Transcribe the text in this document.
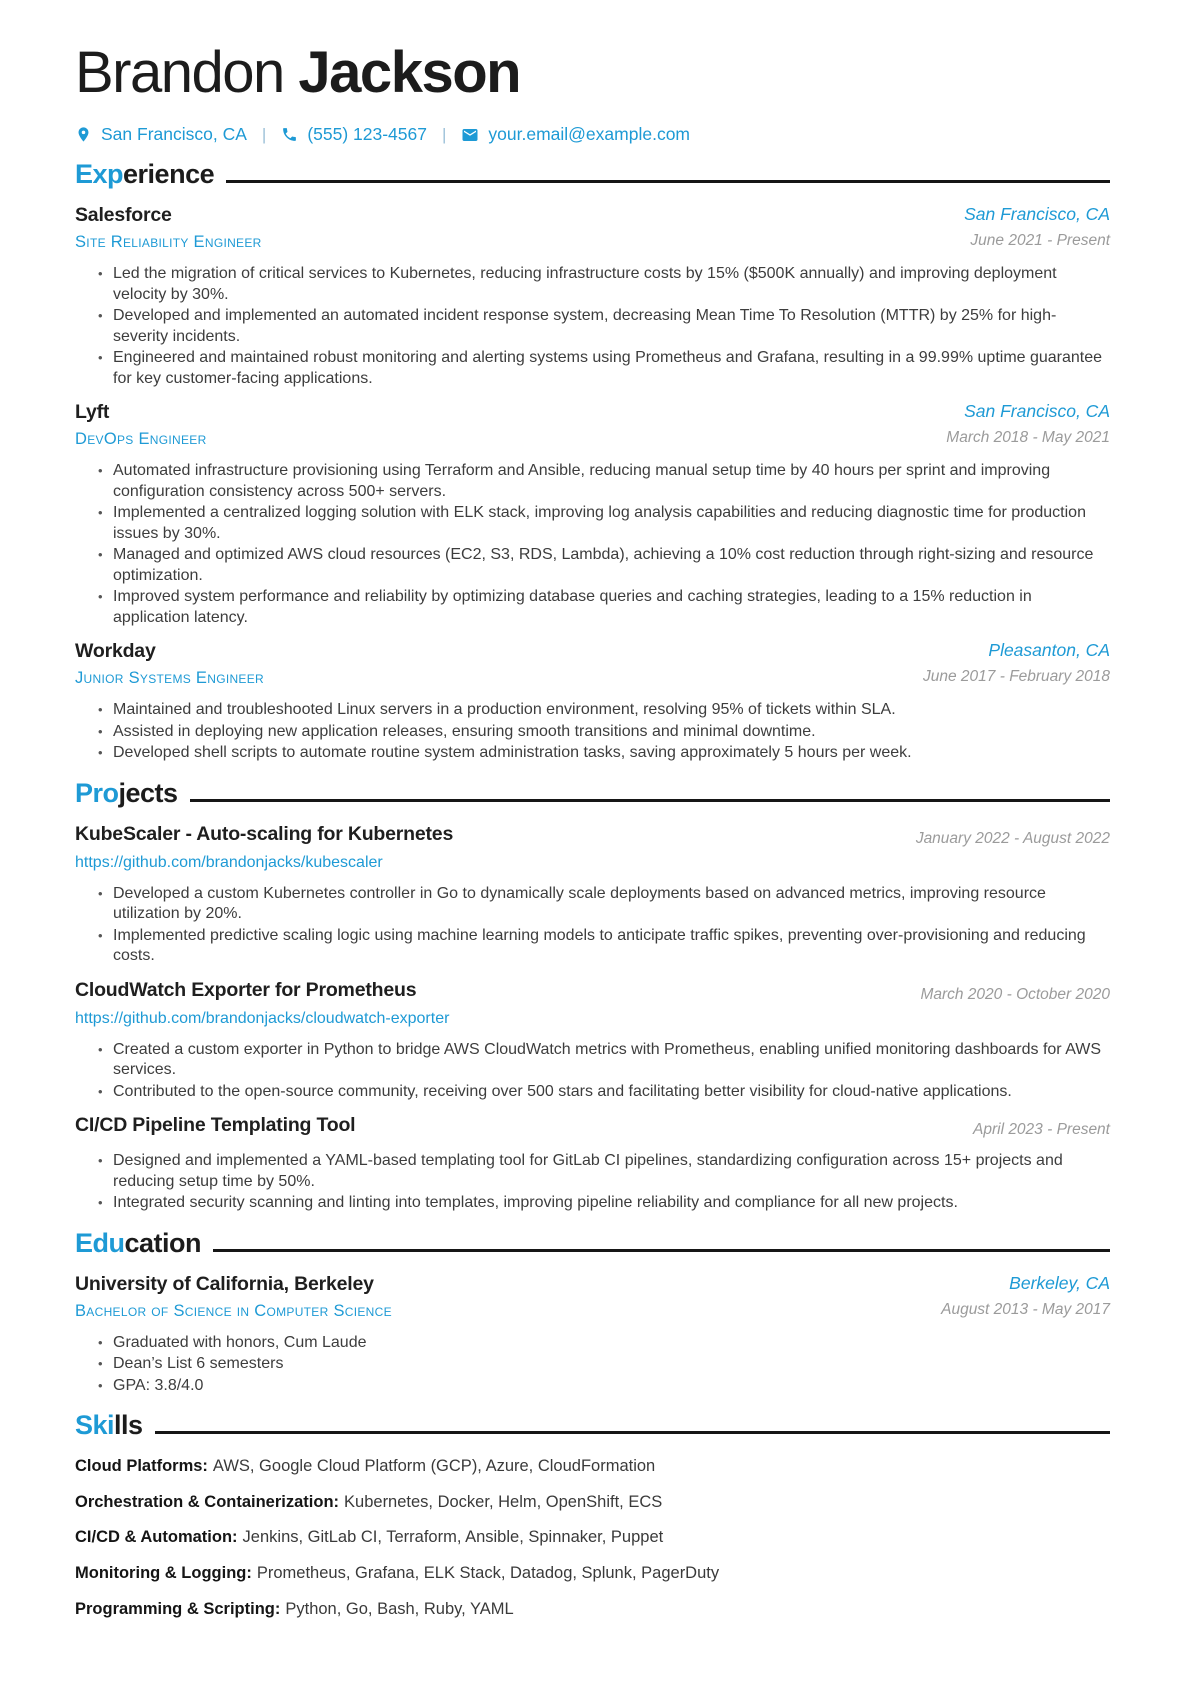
Brandon Jackson
San Francisco, CA | (555) 123-4567 | your.email@example.com
Exp erience
Salesforce
Site Reliability Engineer
San Francisco, CA
June 2021 - Present
• Led the migration of critical services to Kubernetes, reducing infrastructure costs by 15% ($500K annually) and improving deployment velocity by 30%.
• Developed and implemented an automated incident response system, decreasing Mean Time To Resolution (MTTR) by 25% for high-severity incidents.
• Engineered and maintained robust monitoring and alerting systems using Prometheus and Grafana, resulting in a 99.99% uptime guarantee for key customer-facing applications.
Lyft
DevOps Engineer
San Francisco, CA
March 2018 - May 2021
• Automated infrastructure provisioning using Terraform and Ansible, reducing manual setup time by 40 hours per sprint and improving configuration consistency across 500+ servers.
• Implemented a centralized logging solution with ELK stack, improving log analysis capabilities and reducing diagnostic time for production issues by 30%.
• Managed and optimized AWS cloud resources (EC2, S3, RDS, Lambda), achieving a 10% cost reduction through right-sizing and resource optimization.
• Improved system performance and reliability by optimizing database queries and caching strategies, leading to a 15% reduction in application latency.
Workday
Junior Systems Engineer
Pleasanton, CA
June 2017 - February 2018
• Maintained and troubleshooted Linux servers in a production environment, resolving 95% of tickets within SLA.
• Assisted in deploying new application releases, ensuring smooth transitions and minimal downtime.
• Developed shell scripts to automate routine system administration tasks, saving approximately 5 hours per week.
Pro jects
KubeScaler - Auto-scaling for Kubernetes
https://github.com/brandonjacks/kubescaler
January 2022 - August 2022
• Developed a custom Kubernetes controller in Go to dynamically scale deployments based on advanced metrics, improving resource utilization by 20%.
• Implemented predictive scaling logic using machine learning models to anticipate traffic spikes, preventing over-provisioning and reducing costs.
CloudWatch Exporter for Prometheus
https://github.com/brandonjacks/cloudwatch-exporter
March 2020 - October 2020
• Created a custom exporter in Python to bridge AWS CloudWatch metrics with Prometheus, enabling unified monitoring dashboards for AWS services.
• Contributed to the open-source community, receiving over 500 stars and facilitating better visibility for cloud-native applications.
CI/CD Pipeline Templating Tool	April 2023 - Present
• Designed and implemented a YAML-based templating tool for GitLab CI pipelines, standardizing configuration across 15+ projects and reducing setup time by 50%.
• Integrated security scanning and linting into templates, improving pipeline reliability and compliance for all new projects.
Edu cation
University of California, Berkeley
Bachelor of Science in Computer Science
Berkeley, CA
August 2013 - May 2017
• Graduated with honors, Cum Laude
• Dean’s List 6 semesters
• GPA: 3.8/4.0
Ski lls
Cloud Platforms: AWS, Google Cloud Platform (GCP), Azure, CloudFormation
Orchestration & Containerization: Kubernetes, Docker, Helm, OpenShift, ECS
CI/CD & Automation: Jenkins, GitLab CI, Terraform, Ansible, Spinnaker, Puppet
Monitoring & Logging: Prometheus, Grafana, ELK Stack, Datadog, Splunk, PagerDuty
Programming & Scripting: Python, Go, Bash, Ruby, YAML
